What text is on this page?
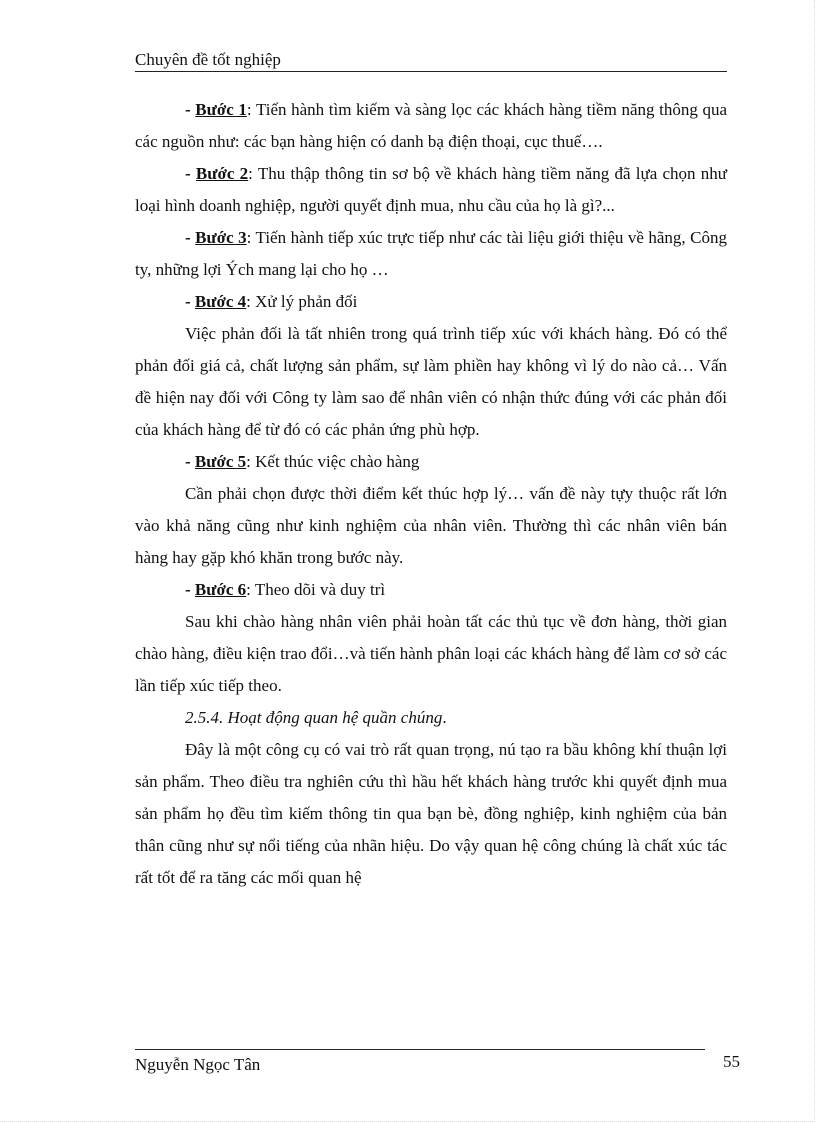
Chuyên đề tốt nghiệp

- Bước 1: Tiến hành tìm kiếm và sàng lọc các khách hàng tiềm năng thông qua các nguồn như: các bạn hàng hiện có danh bạ điện thoại, cục thuế….

- Bước 2: Thu thập thông tin sơ bộ về khách hàng tiềm năng đã lựa chọn như loại hình doanh nghiệp, người quyết định mua, nhu cầu của họ là gì?...

- Bước 3: Tiến hành tiếp xúc trực tiếp như các tài liệu giới thiệu về hãng, Công ty, những lợi Ých mang lại cho họ …

- Bước 4: Xử lý phản đối

Việc phản đối là tất nhiên trong quá trình tiếp xúc với khách hàng. Đó có thể phản đối giá cả, chất lượng sản phẩm, sự làm phiền hay không vì lý do nào cả… Vấn đề hiện nay đối với Công ty làm sao để nhân viên có nhận thức đúng với các phản đối của khách hàng để từ đó có các phản ứng phù hợp.

- Bước 5: Kết thúc việc chào hàng

Cần phải chọn được thời điểm kết thúc hợp lý… vấn đề này tựy thuộc rất lớn vào khả năng cũng như kinh nghiệm của nhân viên. Thường thì các nhân viên bán hàng hay gặp khó khăn trong bước này.

- Bước 6: Theo dõi và duy trì

Sau khi chào hàng nhân viên phải hoàn tất các thủ tục về đơn hàng, thời gian chào hàng, điều kiện trao đổi…và tiến hành phân loại các khách hàng để làm cơ sở các lần tiếp xúc tiếp theo.

2.5.4. Hoạt động quan hệ quần chúng.

Đây là một công cụ có vai trò rất quan trọng, nú tạo ra bầu không khí thuận lợi sản phẩm. Theo điều tra nghiên cứu thì hầu hết khách hàng trước khi quyết định mua sản phẩm họ đều tìm kiếm thông tin qua bạn bè, đồng nghiệp, kinh nghiệm của bản thân cũng như sự nổi tiếng của nhãn hiệu. Do vậy quan hệ công chúng là chất xúc tác rất tốt để ra tăng các mối quan hệ

Nguyễn Ngọc Tân	55
